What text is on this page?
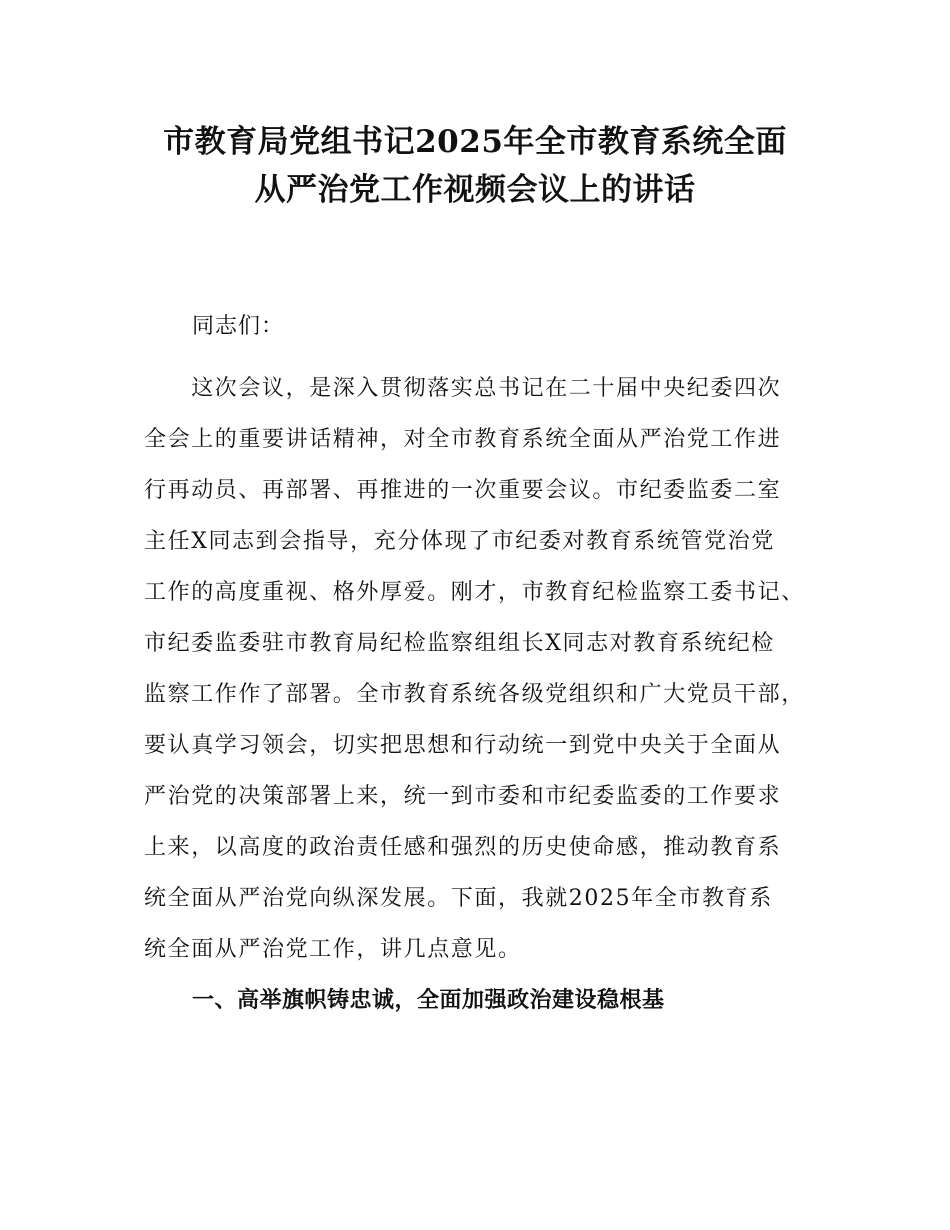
市教育局党组书记2025年全市教育系统全面
从严治党工作视频会议上的讲话

同志们：

　　这次会议，是深入贯彻落实总书记在二十届中央纪委四次
全会上的重要讲话精神，对全市教育系统全面从严治党工作进
行再动员、再部署、再推进的一次重要会议。市纪委监委二室
主任X同志到会指导，充分体现了市纪委对教育系统管党治党
工作的高度重视、格外厚爱。刚才，市教育纪检监察工委书记、
市纪委监委驻市教育局纪检监察组组长X同志对教育系统纪检
监察工作作了部署。全市教育系统各级党组织和广大党员干部，
要认真学习领会，切实把思想和行动统一到党中央关于全面从
严治党的决策部署上来，统一到市委和市纪委监委的工作要求
上来，以高度的政治责任感和强烈的历史使命感，推动教育系
统全面从严治党向纵深发展。下面，我就2025年全市教育系
统全面从严治党工作，讲几点意见。
一、高举旗帜铸忠诚，全面加强政治建设稳根基
